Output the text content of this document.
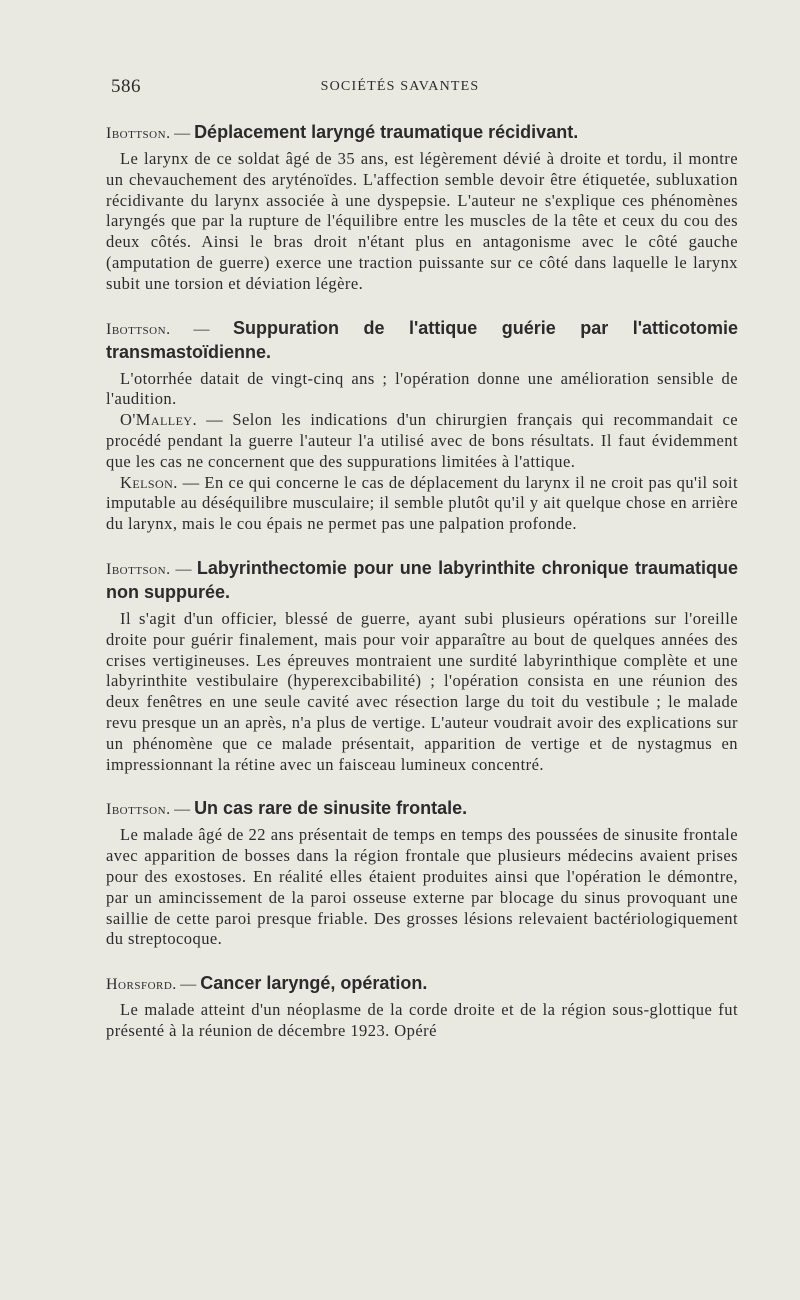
586	SOCIÉTÉS SAVANTES
Ibottson. — Déplacement laryngé traumatique récidivant.

Le larynx de ce soldat âgé de 35 ans, est légèrement dévié à droite et tordu, il montre un chevauchement des aryténoïdes. L'affection semble devoir être étiquetée, subluxation récidivante du larynx associée à une dyspepsie. L'auteur ne s'explique ces phénomènes laryngés que par la rupture de l'équilibre entre les muscles de la tête et ceux du cou des deux côtés. Ainsi le bras droit n'étant plus en antagonisme avec le côté gauche (amputation de guerre) exerce une traction puissante sur ce côté dans laquelle le larynx subit une torsion et déviation légère.

Ibottson. — Suppuration de l'attique guérie par l'atticotomie transmastoïdienne.

L'otorrhée datait de vingt-cinq ans ; l'opération donne une amélioration sensible de l'audition.

O'Malley. — Selon les indications d'un chirurgien français qui recommandait ce procédé pendant la guerre l'auteur l'a utilisé avec de bons résultats. Il faut évidemment que les cas ne concernent que des suppurations limitées à l'attique.

Kelson. — En ce qui concerne le cas de déplacement du larynx il ne croit pas qu'il soit imputable au déséquilibre musculaire; il semble plutôt qu'il y ait quelque chose en arrière du larynx, mais le cou épais ne permet pas une palpation profonde.

Ibottson. — Labyrinthectomie pour une labyrinthite chronique traumatique non suppurée.

Il s'agit d'un officier, blessé de guerre, ayant subi plusieurs opérations sur l'oreille droite pour guérir finalement, mais pour voir apparaître au bout de quelques années des crises vertigineuses. Les épreuves montraient une surdité labyrinthique complète et une labyrinthite vestibulaire (hyperexcibabilité) ; l'opération consista en une réunion des deux fenêtres en une seule cavité avec résection large du toit du vestibule ; le malade revu presque un an après, n'a plus de vertige. L'auteur voudrait avoir des explications sur un phénomène que ce malade présentait, apparition de vertige et de nystagmus en impressionnant la rétine avec un faisceau lumineux concentré.

Ibottson. — Un cas rare de sinusite frontale.

Le malade âgé de 22 ans présentait de temps en temps des poussées de sinusite frontale avec apparition de bosses dans la région frontale que plusieurs médecins avaient prises pour des exostoses. En réalité elles étaient produites ainsi que l'opération le démontre, par un amincissement de la paroi osseuse externe par blocage du sinus provoquant une saillie de cette paroi presque friable. Des grosses lésions relevaient bactériologiquement du streptocoque.

Horsford. — Cancer laryngé, opération.

Le malade atteint d'un néoplasme de la corde droite et de la région sous-glottique fut présenté à la réunion de décembre 1923. Opéré
